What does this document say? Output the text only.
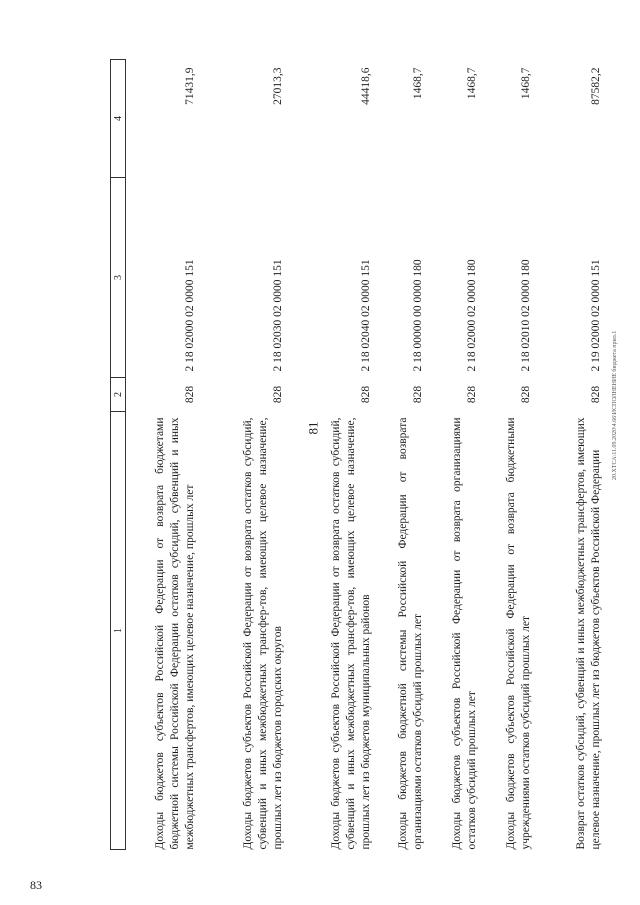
81
1	2	3	4
Доходы бюджетов субъектов Российской Федерации от возврата бюджетами бюджетной системы Российской Федерации остатков субсидий, субвенций и иных межбюджетных трансфертов, имеющих целевое назначение, прошлых лет	828	2 18 02000 02 0000 151	71431,9
Доходы бюджетов субъектов Российской Федерации от возврата остатков субсидий, субвенций и иных межбюджетных трансфер-тов, имеющих целевое назначение, прошлых лет из бюджетов городских округов	828	2 18 02030 02 0000 151	27013,3
Доходы бюджетов субъектов Российской Федерации от возврата остатков субсидий, субвенций и иных межбюджетных трансфер-тов, имеющих целевое назначение, прошлых лет из бюджетов муниципальных районов	828	2 18 02040 02 0000 151	44418,6
Доходы бюджетов бюджетной системы Российской Федерации от возврата организациями остатков субсидий прошлых лет	828	2 18 00000 00 0000 180	1468,7
Доходы бюджетов субъектов Российской Федерации от возврата организациями остатков субсидий прошлых лет	828	2 18 02000 02 0000 180	1468,7
Доходы бюджетов субъектов Российской Федерации от возврата бюджетными учреждениями остатков субсидий прошлых лет	828	2 18 02010 02 0000 180	1468,7
Возврат остатков субсидий, субвенций и иных межбюджетных трансфертов, имеющих целевое назначение, прошлых лет из бюджетов субъектов Российской Федерации	828	2 19 02000 02 0000 151	87582,2
20.XТСА\11.09.2020\4.66\ИСПОЛНЕНИЕ бюджета прил.1
83
